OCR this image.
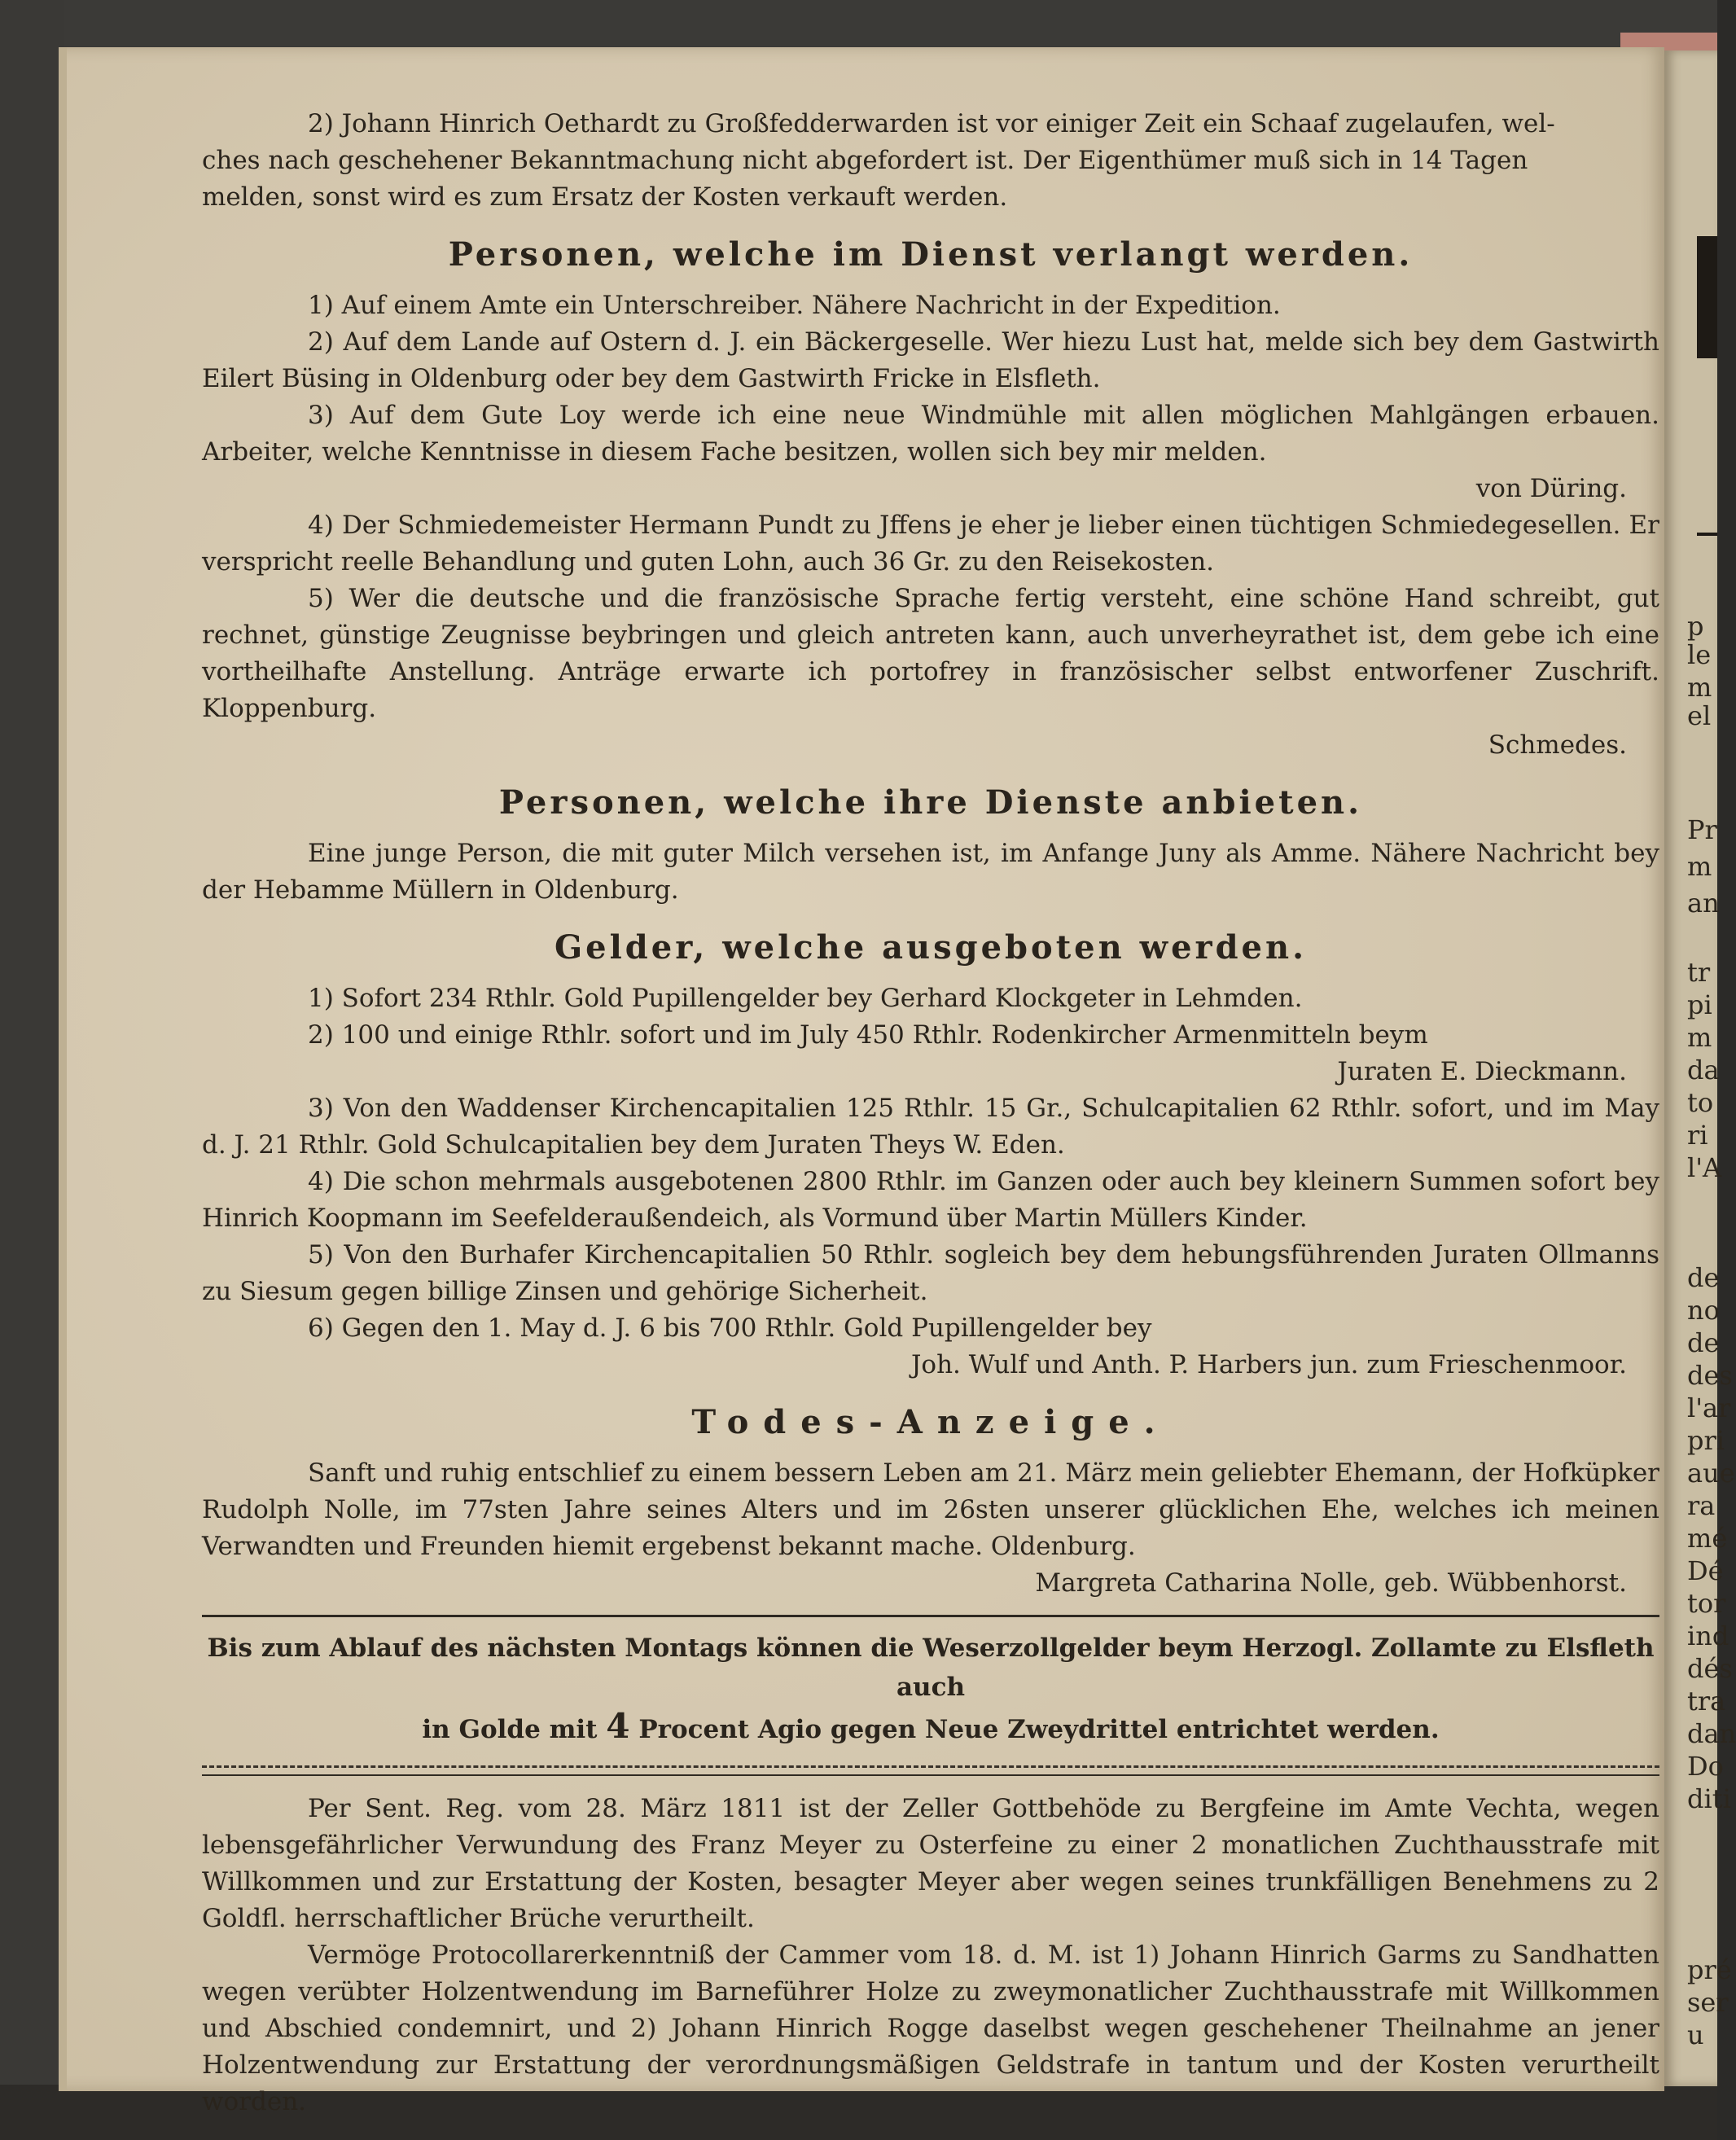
p
le
m
el
Pr
m
an
tr
pi
m
da
to
ri
l'A
de
no
de
des
l'ar
pri
aue
ra
mé
Dé
tor
ind
dés
tra
dan
Do
diti
pré
ser
u

2) Johann Hinrich Oethardt zu Großfedderwarden ist vor einiger Zeit ein Schaaf zugelaufen, wel-

ches nach geschehener Bekanntmachung nicht abgefordert ist. Der Eigenthümer muß sich in 14 Tagen

melden, sonst wird es zum Ersatz der Kosten verkauft werden.

Personen, welche im Dienst verlangt werden.

1) Auf einem Amte ein Unterschreiber. Nähere Nachricht in der Expedition.

2) Auf dem Lande auf Ostern d. J. ein Bäckergeselle. Wer hiezu Lust hat, melde sich bey dem Gastwirth Eilert Büsing in Oldenburg oder bey dem Gastwirth Fricke in Elsfleth.

3) Auf dem Gute Loy werde ich eine neue Windmühle mit allen möglichen Mahlgängen erbauen. Arbeiter, welche Kenntnisse in diesem Fache besitzen, wollen sich bey mir melden.

von Düring.

4) Der Schmiedemeister Hermann Pundt zu Jffens je eher je lieber einen tüchtigen Schmiedegesellen. Er verspricht reelle Behandlung und guten Lohn, auch 36 Gr. zu den Reisekosten.

5) Wer die deutsche und die französische Sprache fertig versteht, eine schöne Hand schreibt, gut rechnet, günstige Zeugnisse beybringen und gleich antreten kann, auch unverheyrathet ist, dem gebe ich eine vortheilhafte Anstellung. Anträge erwarte ich portofrey in französischer selbst entworfener Zuschrift. Kloppenburg.

Schmedes.

Personen, welche ihre Dienste anbieten.

Eine junge Person, die mit guter Milch versehen ist, im Anfange Juny als Amme. Nähere Nachricht bey der Hebamme Müllern in Oldenburg.

Gelder, welche ausgeboten werden.

1) Sofort 234 Rthlr. Gold Pupillengelder bey Gerhard Klockgeter in Lehmden.

2) 100 und einige Rthlr. sofort und im July 450 Rthlr. Rodenkircher Armenmitteln beym

Juraten E. Dieckmann.

3) Von den Waddenser Kirchencapitalien 125 Rthlr. 15 Gr., Schulcapitalien 62 Rthlr. sofort, und im May d. J. 21 Rthlr. Gold Schulcapitalien bey dem Juraten Theys W. Eden.

4) Die schon mehrmals ausgebotenen 2800 Rthlr. im Ganzen oder auch bey kleinern Summen sofort bey Hinrich Koopmann im Seefelderaußendeich, als Vormund über Martin Müllers Kinder.

5) Von den Burhafer Kirchencapitalien 50 Rthlr. sogleich bey dem hebungsführenden Juraten Ollmanns zu Siesum gegen billige Zinsen und gehörige Sicherheit.

6) Gegen den 1. May d. J. 6 bis 700 Rthlr. Gold Pupillengelder bey

Joh. Wulf und Anth. P. Harbers jun. zum Frieschenmoor.

Todes-Anzeige.

Sanft und ruhig entschlief zu einem bessern Leben am 21. März mein geliebter Ehemann, der Hofküpker Rudolph Nolle, im 77sten Jahre seines Alters und im 26sten unserer glücklichen Ehe, welches ich meinen Verwandten und Freunden hiemit ergebenst bekannt mache. Oldenburg.

Margreta Catharina Nolle, geb. Wübbenhorst.

Bis zum Ablauf des nächsten Montags können die Weserzollgelder beym Herzogl. Zollamte zu Elsfleth auch
in Golde mit 4 Procent Agio gegen Neue Zweydrittel entrichtet werden.

Per Sent. Reg. vom 28. März 1811 ist der Zeller Gottbehöde zu Bergfeine im Amte Vechta, wegen lebensgefährlicher Verwundung des Franz Meyer zu Osterfeine zu einer 2 monatlichen Zuchthausstrafe mit Willkommen und zur Erstattung der Kosten, besagter Meyer aber wegen seines trunkfälligen Benehmens zu 2 Goldfl. herrschaftlicher Brüche verurtheilt.

Vermöge Protocollarerkenntniß der Cammer vom 18. d. M. ist 1) Johann Hinrich Garms zu Sandhatten wegen verübter Holzentwendung im Barneführer Holze zu zweymonatlicher Zuchthausstrafe mit Willkommen und Abschied condemnirt, und 2) Johann Hinrich Rogge daselbst wegen geschehener Theilnahme an jener Holzentwendung zur Erstattung der verordnungsmäßigen Geldstrafe in tantum und der Kosten verurtheilt worden.
